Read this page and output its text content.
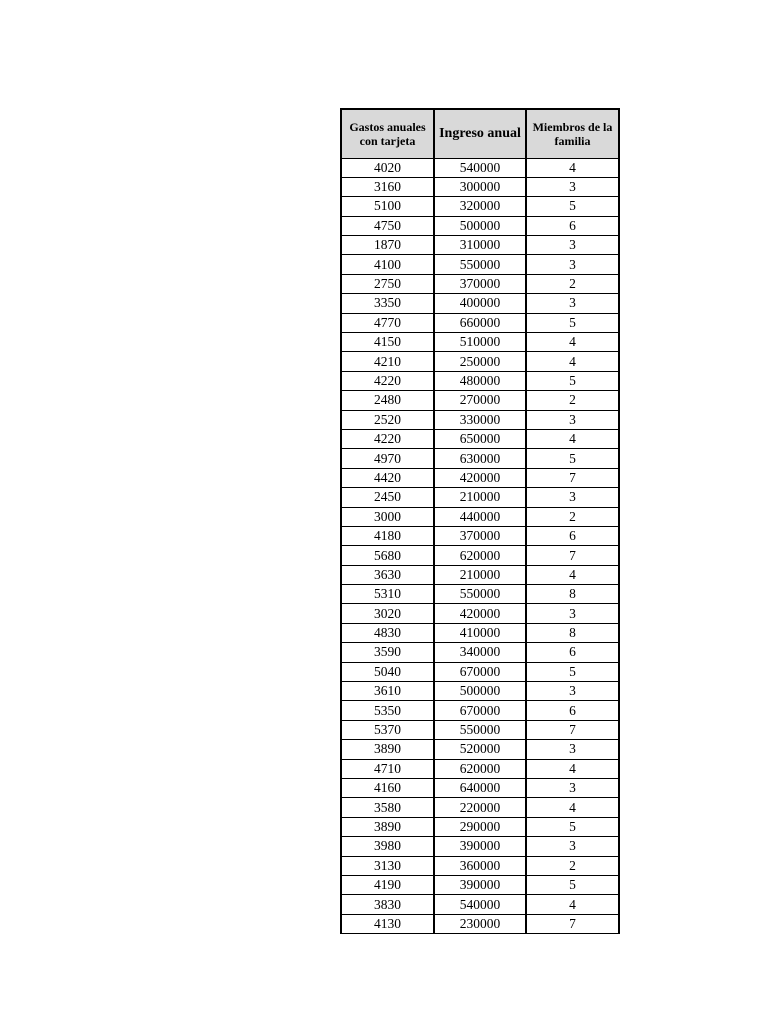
Gastos anuales con tarjeta	Ingreso anual	Miembros de la familia
4020	540000	4
3160	300000	3
5100	320000	5
4750	500000	6
1870	310000	3
4100	550000	3
2750	370000	2
3350	400000	3
4770	660000	5
4150	510000	4
4210	250000	4
4220	480000	5
2480	270000	2
2520	330000	3
4220	650000	4
4970	630000	5
4420	420000	7
2450	210000	3
3000	440000	2
4180	370000	6
5680	620000	7
3630	210000	4
5310	550000	8
3020	420000	3
4830	410000	8
3590	340000	6
5040	670000	5
3610	500000	3
5350	670000	6
5370	550000	7
3890	520000	3
4710	620000	4
4160	640000	3
3580	220000	4
3890	290000	5
3980	390000	3
3130	360000	2
4190	390000	5
3830	540000	4
4130	230000	7
